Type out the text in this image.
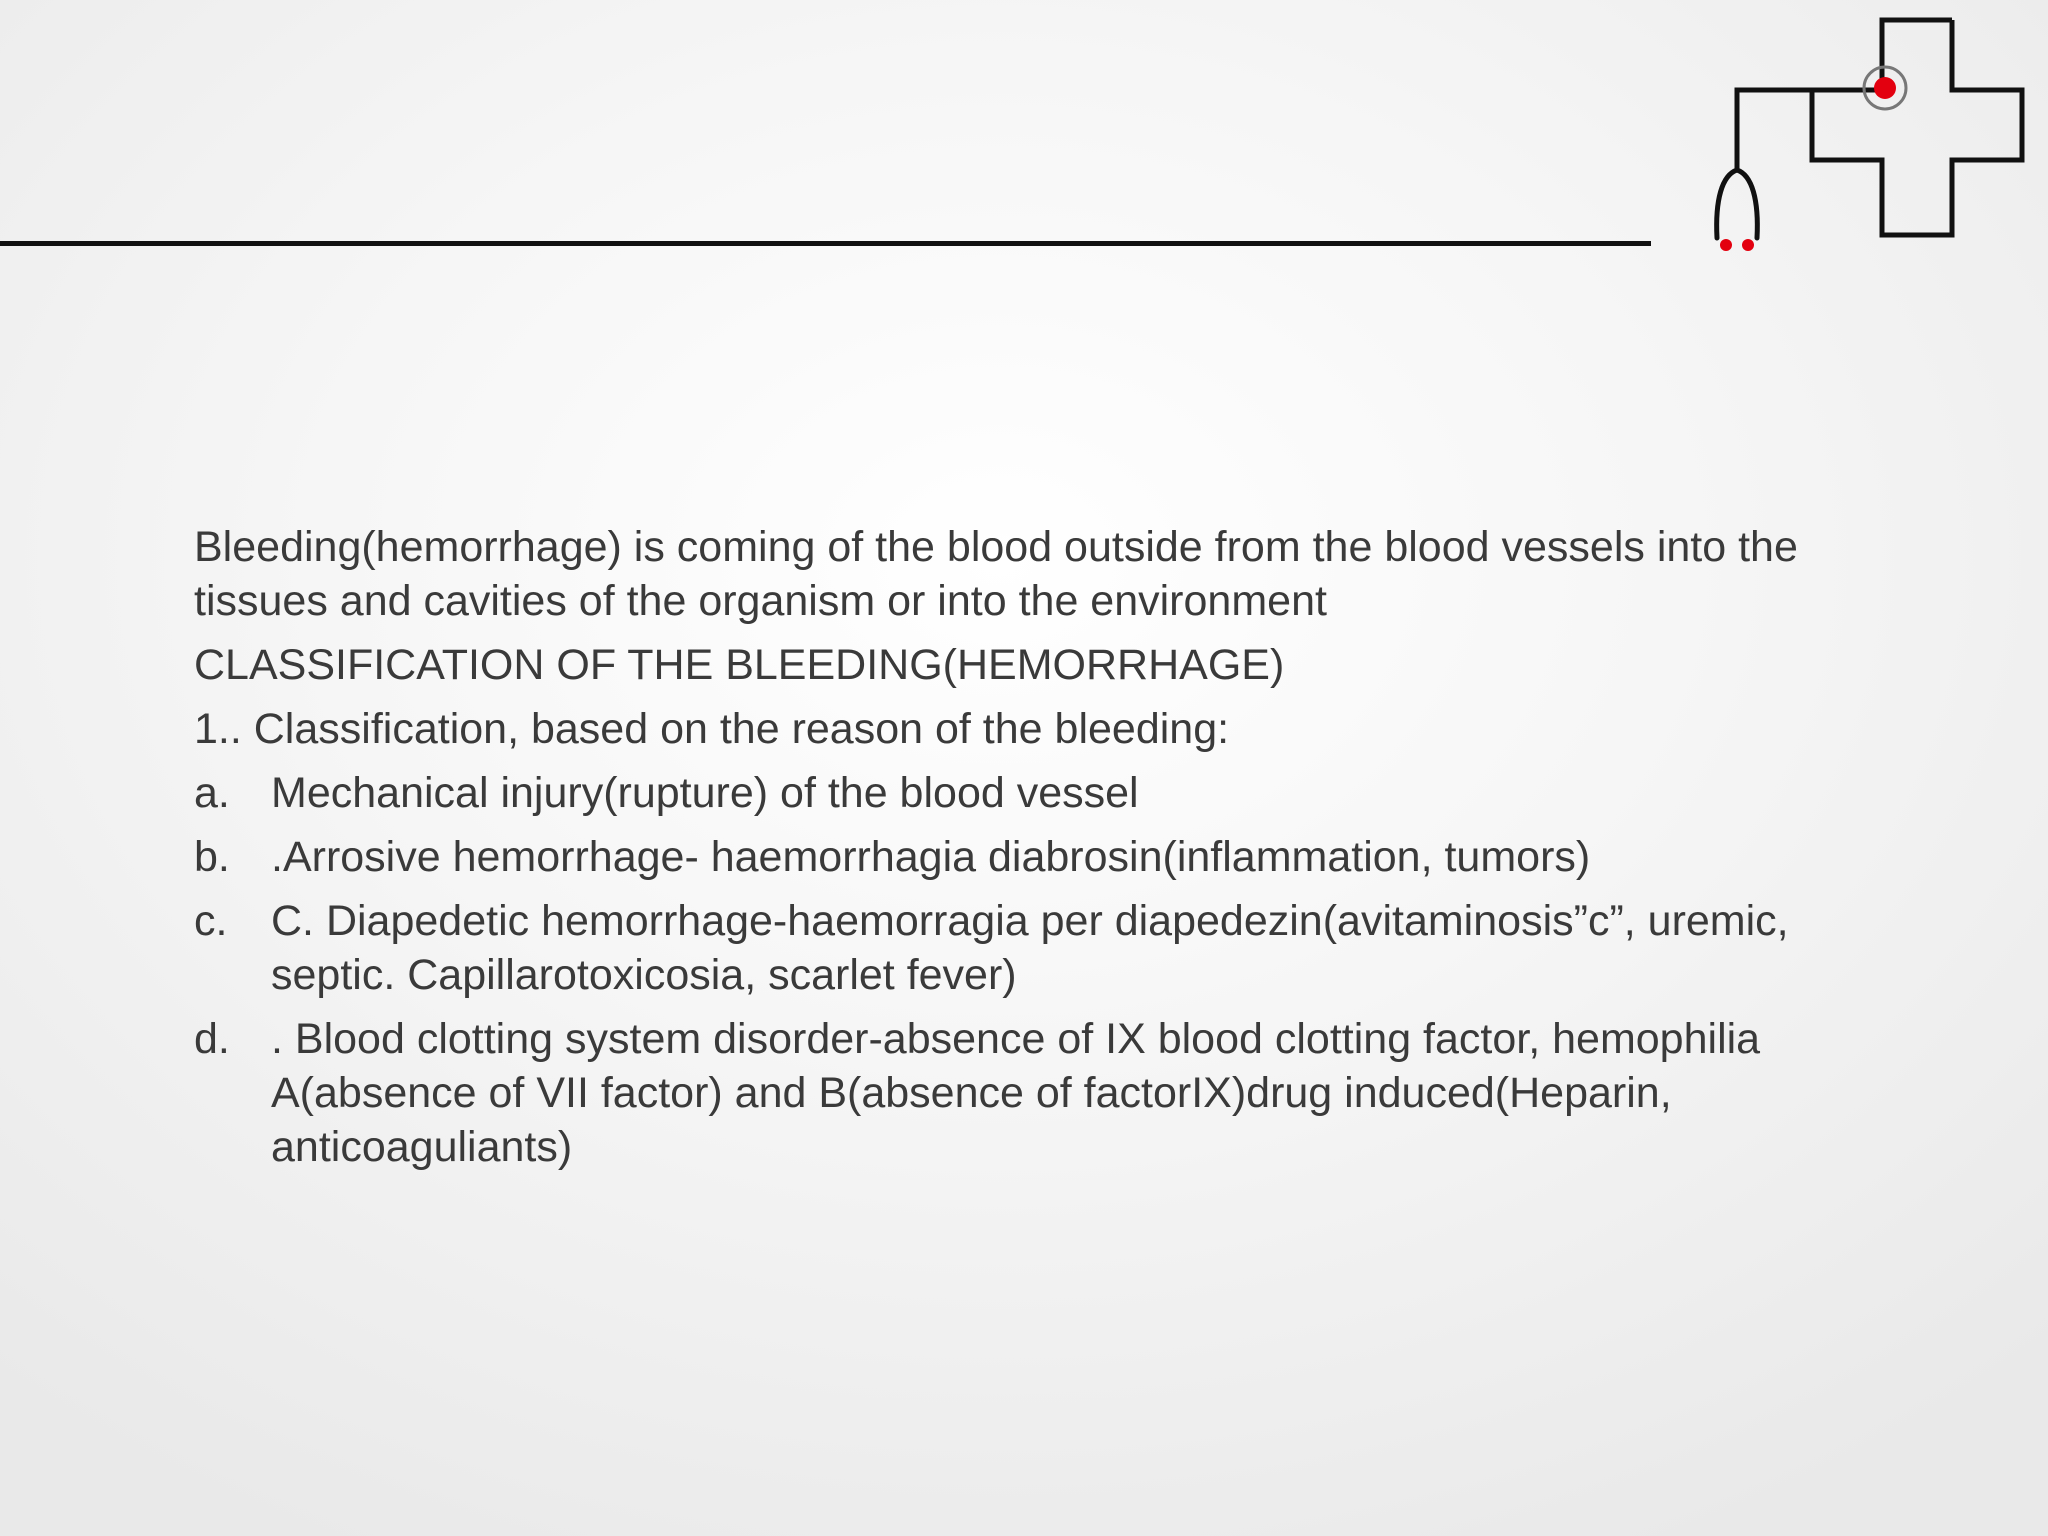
Bleeding(hemorrhage) is coming of the blood outside from the blood vessels into the tissues and cavities of the organism or into the environment

CLASSIFICATION OF THE BLEEDING(HEMORRHAGE)

1.. Classification, based on the reason of the bleeding:

a. Mechanical injury(rupture) of the blood vessel
b. .Arrosive hemorrhage- haemorrhagia diabrosin(inflammation, tumors)
c.	C. Diapedetic hemorrhage-haemorragia per diapedezin(avitaminosis”c”, uremic, septic. Capillarotoxicosia, scarlet fever)
d. . Blood clotting system disorder-absence of IX blood clotting factor, hemophilia A(absence of VII factor) and B(absence of factorIX)drug induced(Heparin, anticoaguliants)
